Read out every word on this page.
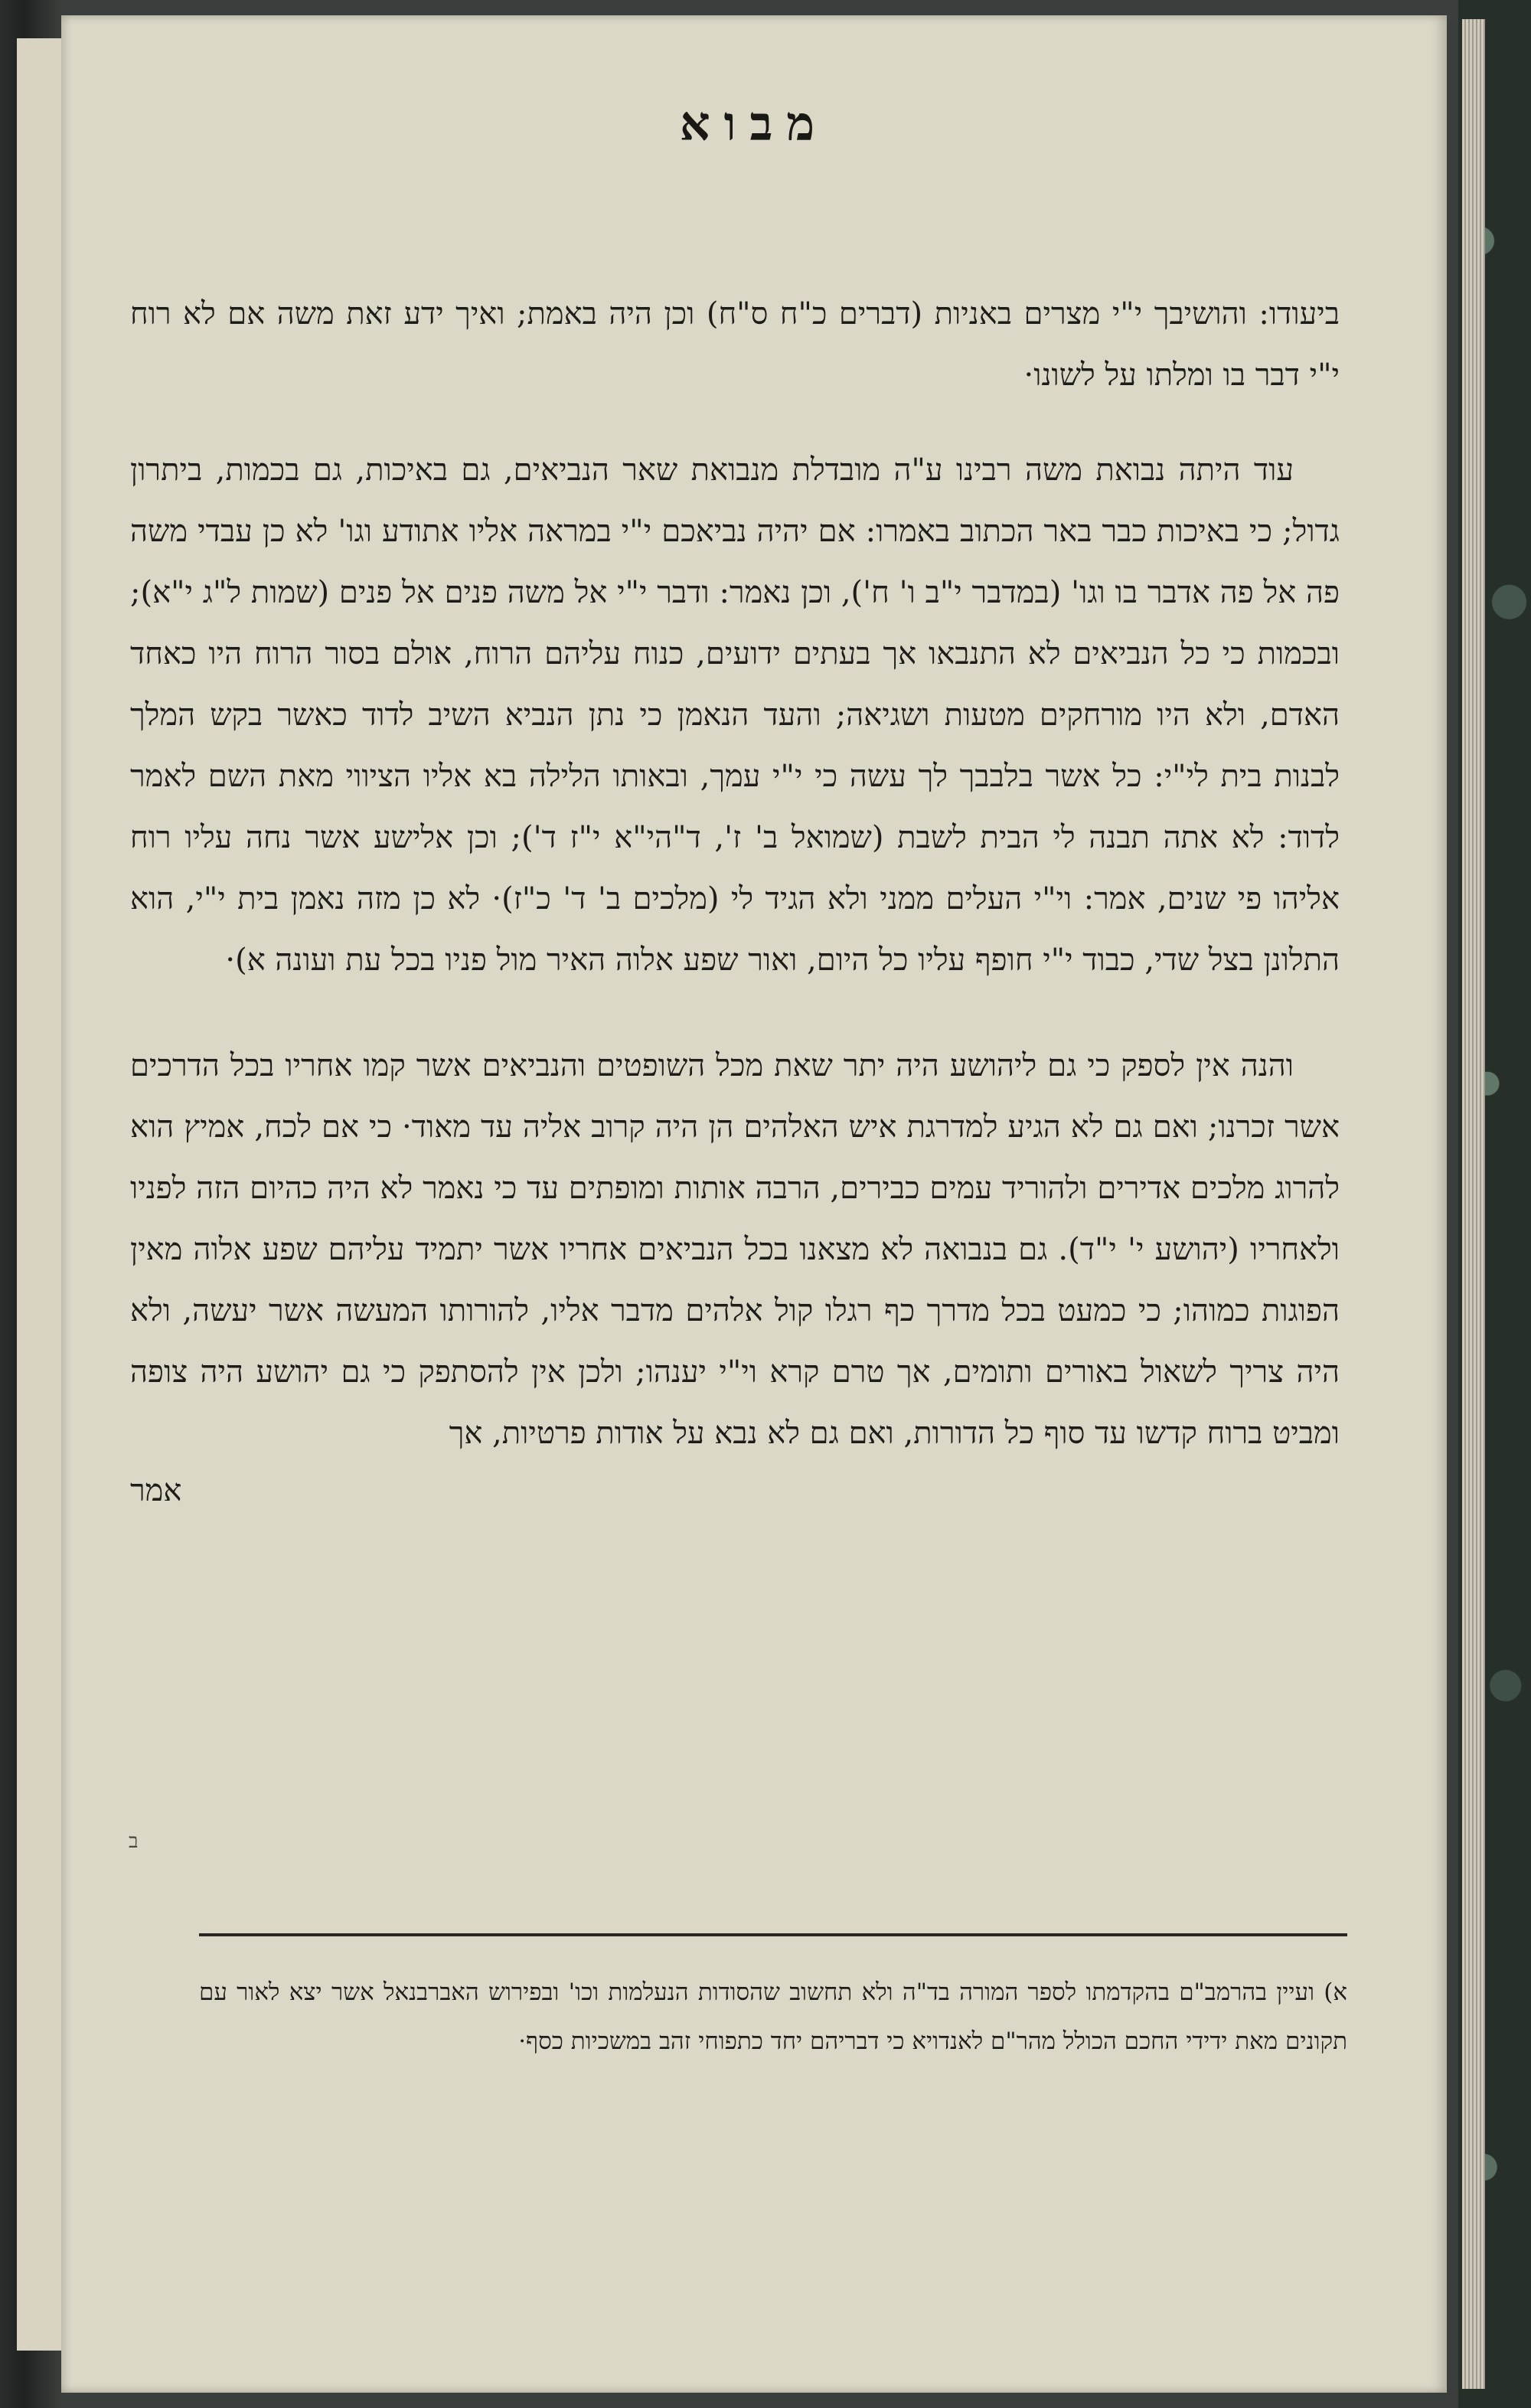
מבוא

ביעודו: והושיבך י"י מצרים באניות (דברים כ"ח ס"ח) וכן היה באמת; ואיך ידע זאת משה אם לא רוח י"י דבר בו ומלתו על לשונו·

עוד היתה נבואת משה רבינו ע"ה מובדלת מנבואת שאר הנביאים, גם באיכות, גם בכמות, ביתרון גדול; כי באיכות כבר באר הכתוב באמרו: אם יהיה נביאכם י"י במראה אליו אתודע וגו' לא כן עבדי משה פה אל פה אדבר בו וגו' (במדבר י"ב ו' ח'), וכן נאמר: ודבר י"י אל משה פנים אל פנים (שמות ל"ג י"א); ובכמות כי כל הנביאים לא התנבאו אך בעתים ידועים, כנוח עליהם הרוח, אולם בסור הרוח היו כאחד האדם, ולא היו מורחקים מטעות ושגיאה; והעד הנאמן כי נתן הנביא השיב לדוד כאשר בקש המלך לבנות בית לי"י: כל אשר בלבבך לך עשה כי י"י עמך, ובאותו הלילה בא אליו הציווי מאת השם לאמר לדוד: לא אתה תבנה לי הבית לשבת (שמואל ב' ז', ד"הי"א י"ז ד'); וכן אלישע אשר נחה עליו רוח אליהו פי שנים, אמר: וי"י העלים ממני ולא הגיד לי (מלכים ב' ד' כ"ז)· לא כן מזה נאמן בית י"י, הוא התלונן בצל שדי, כבוד י"י חופף עליו כל היום, ואור שפע אלוה האיר מול פניו בכל עת ועונה א)·

והנה אין לספק כי גם ליהושע היה יתר שאת מכל השופטים והנביאים אשר קמו אחריו בכל הדרכים אשר זכרנו; ואם גם לא הגיע למדרגת איש האלהים הן היה קרוב אליה עד מאוד· כי אם לכח, אמיץ הוא להרוג מלכים אדירים ולהוריד עמים כבירים, הרבה אותות ומופתים עד כי נאמר לא היה כהיום הזה לפניו ולאחריו (יהושע י' י"ד). גם בנבואה לא מצאנו בכל הנביאים אחריו אשר יתמיד עליהם שפע אלוה מאין הפוגות כמוהו; כי כמעט בכל מדרך כף רגלו קול אלהים מדבר אליו, להורותו המעשה אשר יעשה, ולא היה צריך לשאול באורים ותומים, אך טרם קרא וי"י יענהו; ולכן אין להסתפק כי גם יהושע היה צופה ומביט ברוח קדשו עד סוף כל הדורות, ואם גם לא נבא על אודות פרטיות, אך

אמר

ב
א) ועיין בהרמב"ם בהקדמתו לספר המורה בד"ה ולא תחשוב שהסודות הנעלמות וכו' ובפירוש האברבנאל אשר יצא לאור עם תקונים מאת ידידי החכם הכולל מהר"ם לאנדויא כי דבריהם יחד כתפוחי זהב במשכיות כסף·
